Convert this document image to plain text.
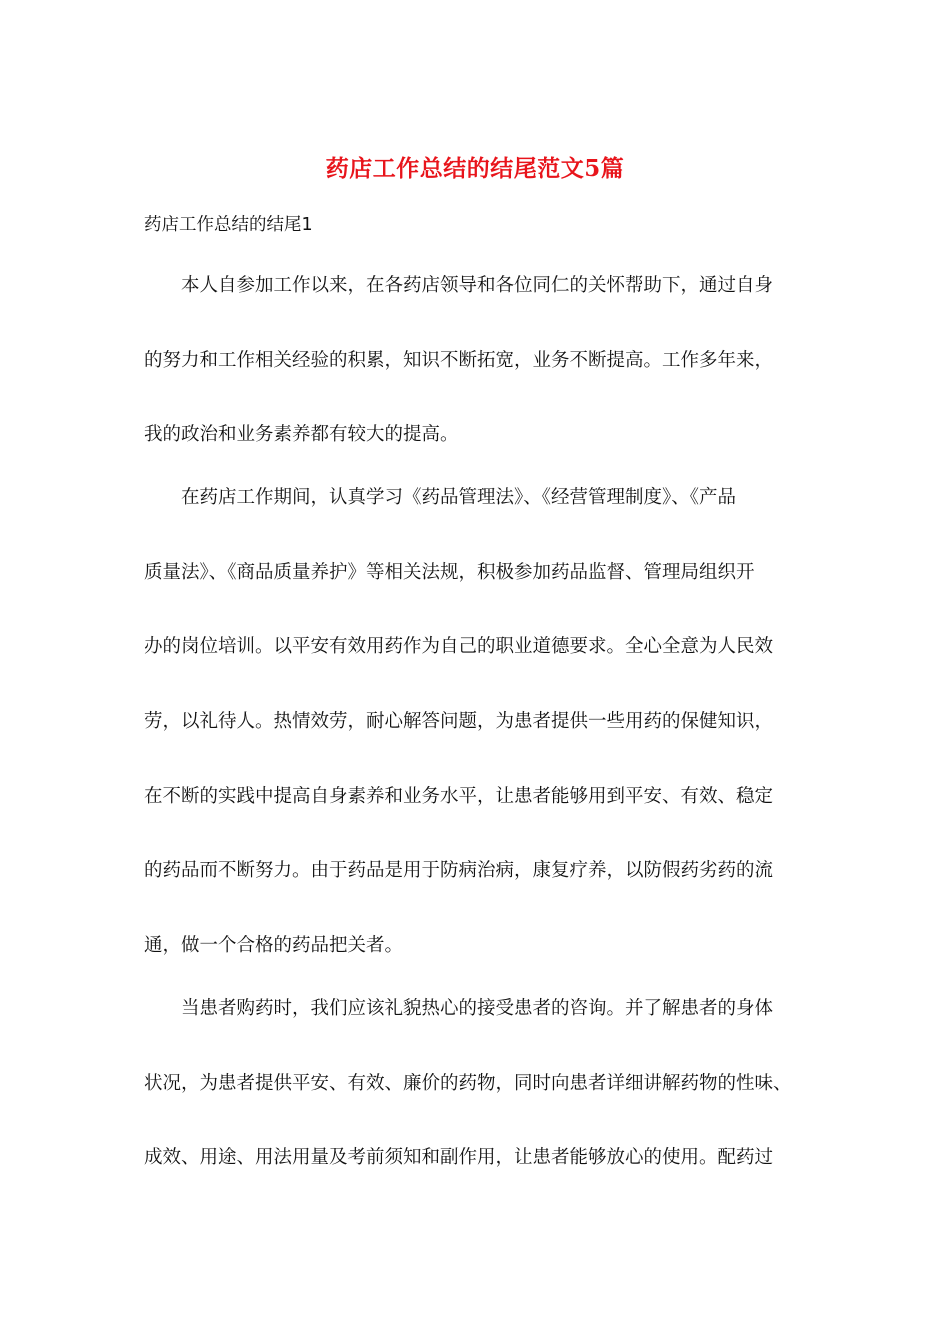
药店工作总结的结尾范文5篇
药店工作总结的结尾1
本人自参加工作以来，在各药店领导和各位同仁的关怀帮助下，通过自身
的努力和工作相关经验的积累，知识不断拓宽，业务不断提高。工作多年来，
我的政治和业务素养都有较大的提高。
在药店工作期间，认真学习《药品管理法》、《经营管理制度》、《产品
质量法》、《商品质量养护》等相关法规，积极参加药品监督、管理局组织开
办的岗位培训。以平安有效用药作为自己的职业道德要求。全心全意为人民效
劳，以礼待人。热情效劳，耐心解答问题，为患者提供一些用药的保健知识，
在不断的实践中提高自身素养和业务水平，让患者能够用到平安、有效、稳定
的药品而不断努力。由于药品是用于防病治病，康复疗养，以防假药劣药的流
通，做一个合格的药品把关者。
当患者购药时，我们应该礼貌热心的接受患者的咨询。并了解患者的身体
状况，为患者提供平安、有效、廉价的药物，同时向患者详细讲解药物的性味、
成效、用途、用法用量及考前须知和副作用，让患者能够放心的使用。配药过
